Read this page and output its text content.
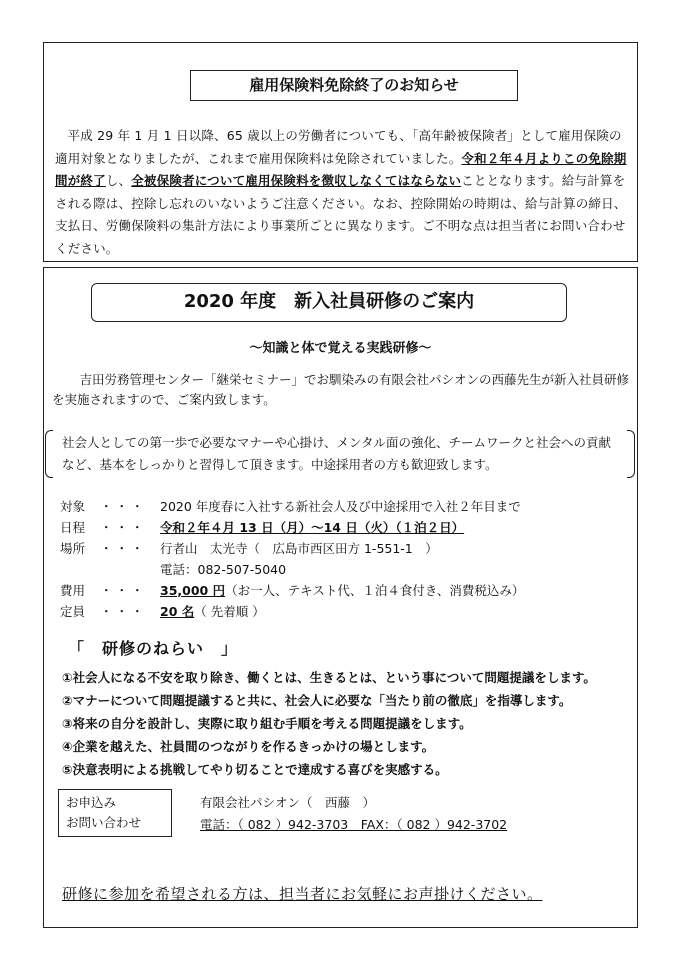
雇用保険料免除終了のお知らせ
平成 29 年 1 月 1 日以降、65 歳以上の労働者についても、「高年齢被保険者」として雇用保険の適用対象となりましたが、これまで雇用保険料は免除されていました。令和２年４月よりこの免除期間が終了し、全被保険者について雇用保険料を徴収しなくてはならないこととなります。給与計算をされる際は、控除し忘れのいないようご注意ください。なお、控除開始の時期は、給与計算の締日、支払日、労働保険料の集計方法により事業所ごとに異なります。ご不明な点は担当者にお問い合わせください。
2020 年度　新入社員研修のご案内
～知識と体で覚える実践研修～
吉田労務管理センター「継栄セミナー」でお馴染みの有限会社パシオンの西藤先生が新入社員研修を実施されますので、ご案内致します。
社会人としての第一歩で必要なマナーや心掛け、メンタル面の強化、チームワークと社会への貢献など、基本をしっかりと習得して頂きます。中途採用者の方も歓迎致します。
対象	・・・	2020 年度春に入社する新社会人及び中途採用で入社２年目まで
日程	・・・	令和２年４月 13 日（月）～14 日（火）（１泊２日）
場所	・・・	行者山　太光寺（　広島市西区田方 1-551-1　）
電話：082-507-5040
費用	・・・	35,000 円（お一人、テキスト代、１泊４食付き、消費税込み）
定員	・・・	20 名（ 先着順 ）
「　研修のねらい　」
①社会人になる不安を取り除き、働くとは、生きるとは、という事について問題提議をします。
②マナーについて問題提議すると共に、社会人に必要な「当たり前の徹底」を指導します。
③将来の自分を設計し、実際に取り組む手順を考える問題提議をします。
④企業を越えた、社員間のつながりを作るきっかけの場とします。
⑤決意表明による挑戦してやり切ることで達成する喜びを実感する。
お申込み
お問い合わせ
有限会社パシオン（　西藤　）
電話：（ 082 ）942-3703　FAX：（ 082 ）942-3702
研修に参加を希望される方は、担当者にお気軽にお声掛けください。
